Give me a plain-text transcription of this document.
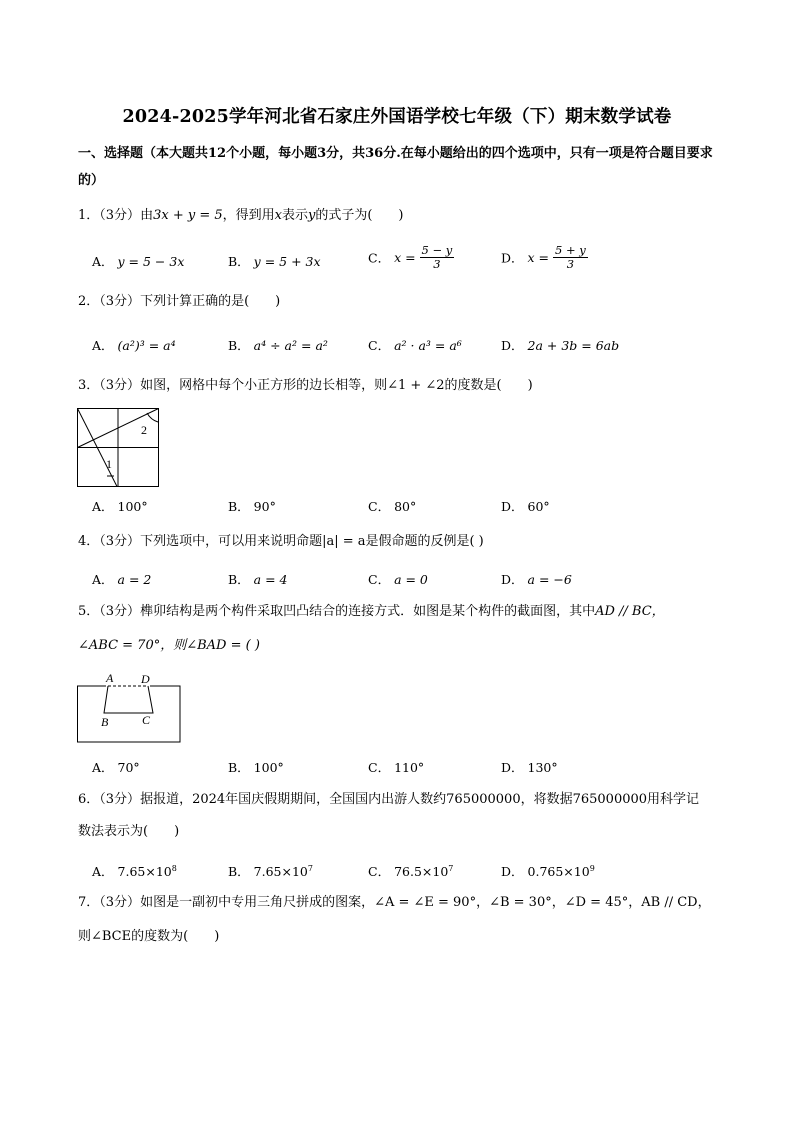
2024-2025学年河北省石家庄外国语学校七年级（下）期末数学试卷
一、选择题（本大题共12个小题，每小题3分，共36分.在每小题给出的四个选项中，只有一项是符合题目要求的）
1．（3分）由3x + y = 5，得到用x表示y的式子为(　　)
A． y = 5 − 3x	B． y = 5 + 3x	C． $x = \frac{5 - y}{3}$	D． $x = \frac{5 + y}{3}$
2．（3分）下列计算正确的是(　　)
A． (a²)³ = a⁴	B． a⁴ ÷ a² = a²	C． a² · a³ = a⁶	D． 2a + 3b = 6ab
3．（3分）如图，网格中每个小正方形的边长相等，则∠1 + ∠2的度数是(　　)
2
1
A． 100°	B． 90°	C． 80°	D． 60°
4．（3分）下列选项中，可以用来说明命题|a| = a是假命题的反例是( )
A． a = 2	B． a = 4	C． a = 0	D． a = −6
5．（3分）榫卯结构是两个构件采取凹凸结合的连接方式．如图是某个构件的截面图，其中AD // BC，
∠ABC = 70°，则∠BAD = ( )
A D
B	C
A． 70°	B． 100°	C． 110°	D． 130°
6．（3分）据报道，2024年国庆假期期间，全国国内出游人数约765000000，将数据765000000用科学记
数法表示为(　　)
A． $7.65\times 10^8$	B． $7.65\times 10^7$	C． $76.5\times 10^7$	D． $0.765\times 10^9$
7．（3分）如图是一副初中专用三角尺拼成的图案，∠A = ∠E = 90°，∠B = 30°，∠D = 45°，AB // CD，
则∠BCE的度数为(　　)
